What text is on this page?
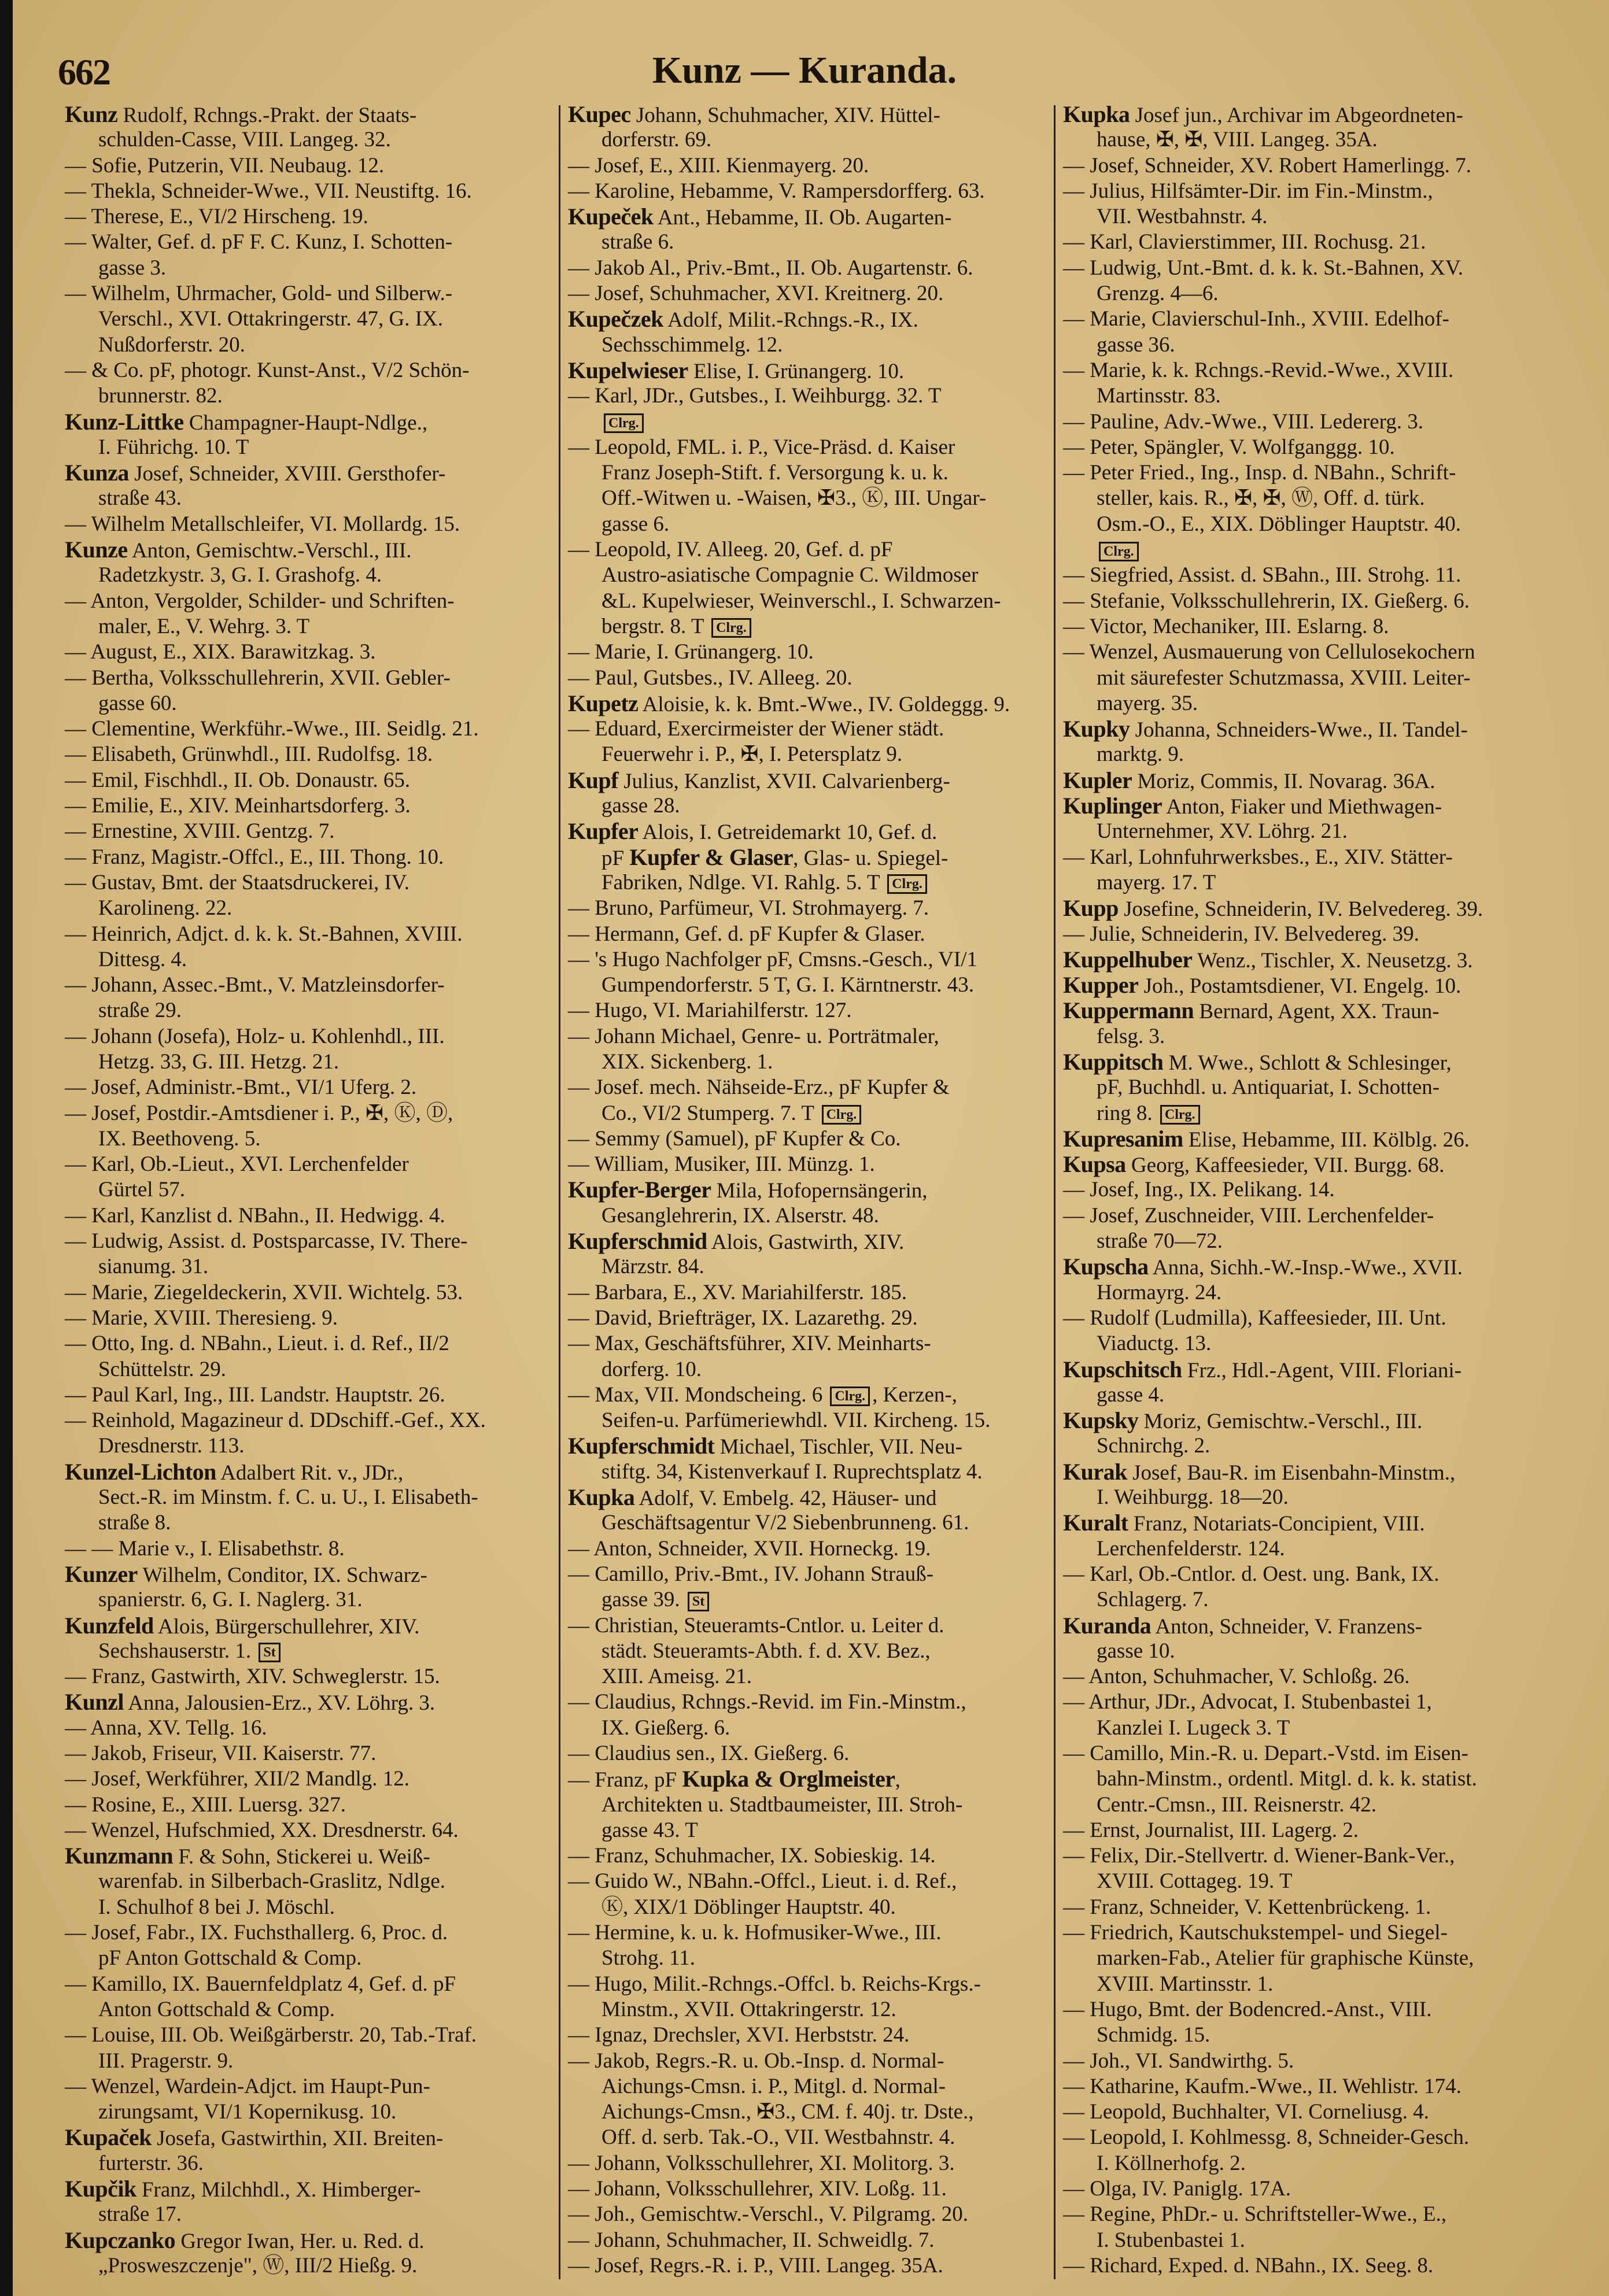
662	Kunz — Kuranda.
Kunz Rudolf, Rchngs.-Prakt. der Staats-
schulden-Casse, VIII. Langeg. 32.
— Sofie, Putzerin, VII. Neubaug. 12.
— Thekla, Schneider-Wwe., VII. Neustiftg. 16.
— Therese, E., VI/2 Hirscheng. 19.
— Walter, Gef. d. pF F. C. Kunz, I. Schotten-
gasse 3.
— Wilhelm, Uhrmacher, Gold- und Silberw.-
Verschl., XVI. Ottakringerstr. 47, G. IX.
Nußdorferstr. 20.
— & Co. pF, photogr. Kunst-Anst., V/2 Schön-
brunnerstr. 82.
Kunz-Littke Champagner-Haupt-Ndlge.,
I. Führichg. 10. T
Kunza Josef, Schneider, XVIII. Gersthofer-
straße 43.
— Wilhelm Metallschleifer, VI. Mollardg. 15.
Kunze Anton, Gemischtw.-Verschl., III.
Radetzkystr. 3, G. I. Grashofg. 4.
— Anton, Vergolder, Schilder- und Schriften-
maler, E., V. Wehrg. 3. T
— August, E., XIX. Barawitzkag. 3.
— Bertha, Volksschullehrerin, XVII. Gebler-
gasse 60.
— Clementine, Werkführ.-Wwe., III. Seidlg. 21.
— Elisabeth, Grünwhdl., III. Rudolfsg. 18.
— Emil, Fischhdl., II. Ob. Donaustr. 65.
— Emilie, E., XIV. Meinhartsdorferg. 3.
— Ernestine, XVIII. Gentzg. 7.
— Franz, Magistr.-Offcl., E., III. Thong. 10.
— Gustav, Bmt. der Staatsdruckerei, IV.
Karolineng. 22.
— Heinrich, Adjct. d. k. k. St.-Bahnen, XVIII.
Dittesg. 4.
— Johann, Assec.-Bmt., V. Matzleinsdorfer-
straße 29.
— Johann (Josefa), Holz- u. Kohlenhdl., III.
Hetzg. 33, G. III. Hetzg. 21.
— Josef, Administr.-Bmt., VI/1 Uferg. 2.
— Josef, Postdir.-Amtsdiener i. P., ✠, Ⓚ, Ⓓ,
IX. Beethoveng. 5.
— Karl, Ob.-Lieut., XVI. Lerchenfelder
Gürtel 57.
— Karl, Kanzlist d. NBahn., II. Hedwigg. 4.
— Ludwig, Assist. d. Postsparcasse, IV. There-
sianumg. 31.
— Marie, Ziegeldeckerin, XVII. Wichtelg. 53.
— Marie, XVIII. Theresieng. 9.
— Otto, Ing. d. NBahn., Lieut. i. d. Ref., II/2
Schüttelstr. 29.
— Paul Karl, Ing., III. Landstr. Hauptstr. 26.
— Reinhold, Magazineur d. DDschiff.-Gef., XX.
Dresdnerstr. 113.
Kunzel-Lichton Adalbert Rit. v., JDr.,
Sect.-R. im Minstm. f. C. u. U., I. Elisabeth-
straße 8.
— — Marie v., I. Elisabethstr. 8.
Kunzer Wilhelm, Conditor, IX. Schwarz-
spanierstr. 6, G. I. Naglerg. 31.
Kunzfeld Alois, Bürgerschullehrer, XIV.
Sechshauserstr. 1. St
— Franz, Gastwirth, XIV. Schweglerstr. 15.
Kunzl Anna, Jalousien-Erz., XV. Löhrg. 3.
— Anna, XV. Tellg. 16.
— Jakob, Friseur, VII. Kaiserstr. 77.
— Josef, Werkführer, XII/2 Mandlg. 12.
— Rosine, E., XIII. Luersg. 327.
— Wenzel, Hufschmied, XX. Dresdnerstr. 64.
Kunzmann F. & Sohn, Stickerei u. Weiß-
warenfab. in Silberbach-Graslitz, Ndlge.
I. Schulhof 8 bei J. Möschl.
— Josef, Fabr., IX. Fuchsthallerg. 6, Proc. d.
pF Anton Gottschald & Comp.
— Kamillo, IX. Bauernfeldplatz 4, Gef. d. pF
Anton Gottschald & Comp.
— Louise, III. Ob. Weißgärberstr. 20, Tab.-Traf.
III. Pragerstr. 9.
— Wenzel, Wardein-Adjct. im Haupt-Pun-
zirungsamt, VI/1 Kopernikusg. 10.
Kupaček Josefa, Gastwirthin, XII. Breiten-
furterstr. 36.
Kupčik Franz, Milchhdl., X. Himberger-
straße 17.
Kupczanko Gregor Iwan, Her. u. Red. d.
„Prosweszczenje", Ⓦ, III/2 Hießg. 9.
Kupec Johann, Schuhmacher, XIV. Hüttel-
dorferstr. 69.
— Josef, E., XIII. Kienmayerg. 20.
— Karoline, Hebamme, V. Rampersdorfferg. 63.
Kupeček Ant., Hebamme, II. Ob. Augarten-
straße 6.
— Jakob Al., Priv.-Bmt., II. Ob. Augartenstr. 6.
— Josef, Schuhmacher, XVI. Kreitnerg. 20.
Kupečzek Adolf, Milit.-Rchngs.-R., IX.
Sechsschimmelg. 12.
Kupelwieser Elise, I. Grünangerg. 10.
— Karl, JDr., Gutsbes., I. Weihburgg. 32. T
Clrg.
— Leopold, FML. i. P., Vice-Präsd. d. Kaiser
Franz Joseph-Stift. f. Versorgung k. u. k.
Off.-Witwen u. -Waisen, ✠3., Ⓚ, III. Ungar-
gasse 6.
— Leopold, IV. Alleeg. 20, Gef. d. pF
Austro-asiatische Compagnie C. Wildmoser
&L. Kupelwieser, Weinverschl., I. Schwarzen-
bergstr. 8. T Clrg.
— Marie, I. Grünangerg. 10.
— Paul, Gutsbes., IV. Alleeg. 20.
Kupetz Aloisie, k. k. Bmt.-Wwe., IV. Goldeggg. 9.
— Eduard, Exercirmeister der Wiener städt.
Feuerwehr i. P., ✠, I. Petersplatz 9.
Kupf Julius, Kanzlist, XVII. Calvarienberg-
gasse 28.
Kupfer Alois, I. Getreidemarkt 10, Gef. d.
pF Kupfer & Glaser, Glas- u. Spiegel-
Fabriken, Ndlge. VI. Rahlg. 5. T Clrg.
— Bruno, Parfümeur, VI. Strohmayerg. 7.
— Hermann, Gef. d. pF Kupfer & Glaser.
— 's Hugo Nachfolger pF, Cmsns.-Gesch., VI/1
Gumpendorferstr. 5 T, G. I. Kärntnerstr. 43.
— Hugo, VI. Mariahilferstr. 127.
— Johann Michael, Genre- u. Porträtmaler,
XIX. Sickenberg. 1.
— Josef. mech. Nähseide-Erz., pF Kupfer &
Co., VI/2 Stumperg. 7. T Clrg.
— Semmy (Samuel), pF Kupfer & Co.
— William, Musiker, III. Münzg. 1.
Kupfer-Berger Mila, Hofopernsängerin,
Gesanglehrerin, IX. Alserstr. 48.
Kupferschmid Alois, Gastwirth, XIV.
Märzstr. 84.
— Barbara, E., XV. Mariahilferstr. 185.
— David, Briefträger, IX. Lazarethg. 29.
— Max, Geschäftsführer, XIV. Meinharts-
dorferg. 10.
— Max, VII. Mondscheing. 6 Clrg. , Kerzen-,
Seifen-u. Parfümeriewhdl. VII. Kircheng. 15.
Kupferschmidt Michael, Tischler, VII. Neu-
stiftg. 34, Kistenverkauf I. Ruprechtsplatz 4.
Kupka Adolf, V. Embelg. 42, Häuser- und
Geschäftsagentur V/2 Siebenbrunneng. 61.
— Anton, Schneider, XVII. Horneckg. 19.
— Camillo, Priv.-Bmt., IV. Johann Strauß-
gasse 39. St
— Christian, Steueramts-Cntlor. u. Leiter d.
städt. Steueramts-Abth. f. d. XV. Bez.,
XIII. Ameisg. 21.
— Claudius, Rchngs.-Revid. im Fin.-Minstm.,
IX. Gießerg. 6.
— Claudius sen., IX. Gießerg. 6.
— Franz, pF Kupka & Orglmeister,
Architekten u. Stadtbaumeister, III. Stroh-
gasse 43. T
— Franz, Schuhmacher, IX. Sobieskig. 14.
— Guido W., NBahn.-Offcl., Lieut. i. d. Ref.,
Ⓚ, XIX/1 Döblinger Hauptstr. 40.
— Hermine, k. u. k. Hofmusiker-Wwe., III.
Strohg. 11.
— Hugo, Milit.-Rchngs.-Offcl. b. Reichs-Krgs.-
Minstm., XVII. Ottakringerstr. 12.
— Ignaz, Drechsler, XVI. Herbststr. 24.
— Jakob, Regrs.-R. u. Ob.-Insp. d. Normal-
Aichungs-Cmsn. i. P., Mitgl. d. Normal-
Aichungs-Cmsn., ✠3., CM. f. 40j. tr. Dste.,
Off. d. serb. Tak.-O., VII. Westbahnstr. 4.
— Johann, Volksschullehrer, XI. Molitorg. 3.
— Johann, Volksschullehrer, XIV. Loßg. 11.
— Joh., Gemischtw.-Verschl., V. Pilgramg. 20.
— Johann, Schuhmacher, II. Schweidlg. 7.
— Josef, Regrs.-R. i. P., VIII. Langeg. 35A.
Kupka Josef jun., Archivar im Abgeordneten-
hause, ✠, ✠, VIII. Langeg. 35A.
— Josef, Schneider, XV. Robert Hamerlingg. 7.
— Julius, Hilfsämter-Dir. im Fin.-Minstm.,
VII. Westbahnstr. 4.
— Karl, Clavierstimmer, III. Rochusg. 21.
— Ludwig, Unt.-Bmt. d. k. k. St.-Bahnen, XV.
Grenzg. 4—6.
— Marie, Clavierschul-Inh., XVIII. Edelhof-
gasse 36.
— Marie, k. k. Rchngs.-Revid.-Wwe., XVIII.
Martinsstr. 83.
— Pauline, Adv.-Wwe., VIII. Ledererg. 3.
— Peter, Spängler, V. Wolfganggg. 10.
— Peter Fried., Ing., Insp. d. NBahn., Schrift-
steller, kais. R., ✠, ✠, Ⓦ, Off. d. türk.
Osm.-O., E., XIX. Döblinger Hauptstr. 40.
Clrg.
— Siegfried, Assist. d. SBahn., III. Strohg. 11.
— Stefanie, Volksschullehrerin, IX. Gießerg. 6.
— Victor, Mechaniker, III. Eslarng. 8.
— Wenzel, Ausmauerung von Cellulosekochern
mit säurefester Schutzmassa, XVIII. Leiter-
mayerg. 35.
Kupky Johanna, Schneiders-Wwe., II. Tandel-
marktg. 9.
Kupler Moriz, Commis, II. Novarag. 36A.
Kuplinger Anton, Fiaker und Miethwagen-
Unternehmer, XV. Löhrg. 21.
— Karl, Lohnfuhrwerksbes., E., XIV. Stätter-
mayerg. 17. T
Kupp Josefine, Schneiderin, IV. Belvedereg. 39.
— Julie, Schneiderin, IV. Belvedereg. 39.
Kuppelhuber Wenz., Tischler, X. Neusetzg. 3.
Kupper Joh., Postamtsdiener, VI. Engelg. 10.
Kuppermann Bernard, Agent, XX. Traun-
felsg. 3.
Kuppitsch M. Wwe., Schlott & Schlesinger,
pF, Buchhdl. u. Antiquariat, I. Schotten-
ring 8. Clrg.
Kupresanim Elise, Hebamme, III. Kölblg. 26.
Kupsa Georg, Kaffeesieder, VII. Burgg. 68.
— Josef, Ing., IX. Pelikang. 14.
— Josef, Zuschneider, VIII. Lerchenfelder-
straße 70—72.
Kupscha Anna, Sichh.-W.-Insp.-Wwe., XVII.
Hormayrg. 24.
— Rudolf (Ludmilla), Kaffeesieder, III. Unt.
Viaductg. 13.
Kupschitsch Frz., Hdl.-Agent, VIII. Floriani-
gasse 4.
Kupsky Moriz, Gemischtw.-Verschl., III.
Schnirchg. 2.
Kurak Josef, Bau-R. im Eisenbahn-Minstm.,
I. Weihburgg. 18—20.
Kuralt Franz, Notariats-Concipient, VIII.
Lerchenfelderstr. 124.
— Karl, Ob.-Cntlor. d. Oest. ung. Bank, IX.
Schlagerg. 7.
Kuranda Anton, Schneider, V. Franzens-
gasse 10.
— Anton, Schuhmacher, V. Schloßg. 26.
— Arthur, JDr., Advocat, I. Stubenbastei 1,
Kanzlei I. Lugeck 3. T
— Camillo, Min.-R. u. Depart.-Vstd. im Eisen-
bahn-Minstm., ordentl. Mitgl. d. k. k. statist.
Centr.-Cmsn., III. Reisnerstr. 42.
— Ernst, Journalist, III. Lagerg. 2.
— Felix, Dir.-Stellvertr. d. Wiener-Bank-Ver.,
XVIII. Cottageg. 19. T
— Franz, Schneider, V. Kettenbrückeng. 1.
— Friedrich, Kautschukstempel- und Siegel-
marken-Fab., Atelier für graphische Künste,
XVIII. Martinsstr. 1.
— Hugo, Bmt. der Bodencred.-Anst., VIII.
Schmidg. 15.
— Joh., VI. Sandwirthg. 5.
— Katharine, Kaufm.-Wwe., II. Wehlistr. 174.
— Leopold, Buchhalter, VI. Corneliusg. 4.
— Leopold, I. Kohlmessg. 8, Schneider-Gesch.
I. Köllnerhofg. 2.
— Olga, IV. Paniglg. 17A.
— Regine, PhDr.- u. Schriftsteller-Wwe., E.,
I. Stubenbastei 1.
— Richard, Exped. d. NBahn., IX. Seeg. 8.
